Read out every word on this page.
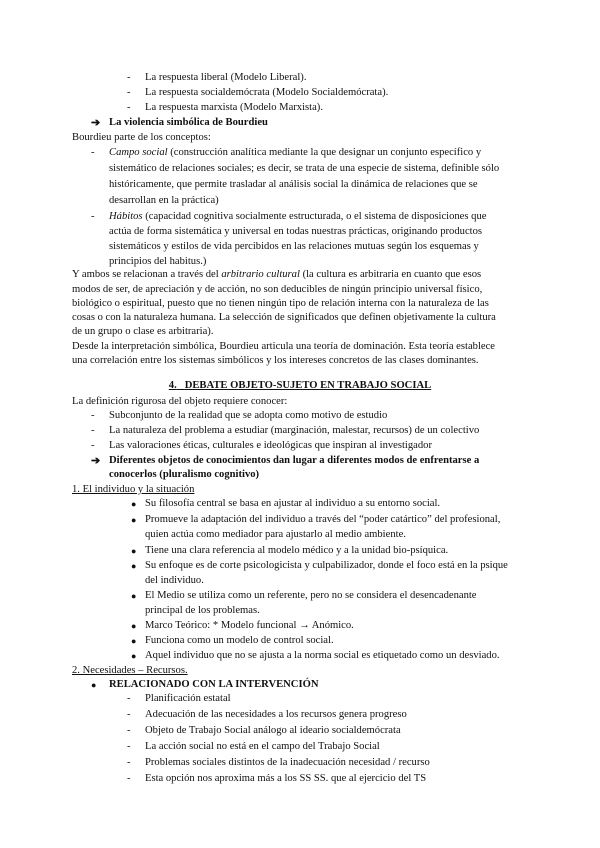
- La respuesta liberal (Modelo Liberal).
- La respuesta socialdemócrata (Modelo Socialdemócrata).
- La respuesta marxista (Modelo Marxista).
➔ La violencia simbólica de Bourdieu
Bourdieu parte de los conceptos:
- Campo social (construcción analítica mediante la que designar un conjunto específico y
sistemático de relaciones sociales; es decir, se trata de una especie de sistema, definible sólo
históricamente, que permite trasladar al análisis social la dinámica de relaciones que se
desarrollan en la práctica)
- Hábitos (capacidad cognitiva socialmente estructurada, o el sistema de disposiciones que
actúa de forma sistemática y universal en todas nuestras prácticas, originando productos
sistemáticos y estilos de vida percibidos en las relaciones mutuas según los esquemas y
principios del habitus.)
Y ambos se relacionan a través del arbitrario cultural (la cultura es arbitraria en cuanto que esos
modos de ser, de apreciación y de acción, no son deducibles de ningún principio universal físico,
biológico o espiritual, puesto que no tienen ningún tipo de relación interna con la naturaleza de las
cosas o con la naturaleza humana. La selección de significados que definen objetivamente la cultura
de un grupo o clase es arbitraria).
Desde la interpretación simbólica, Bourdieu articula una teoría de dominación. Esta teoría establece
una correlación entre los sistemas simbólicos y los intereses concretos de las clases dominantes.
4. DEBATE OBJETO-SUJETO EN TRABAJO SOCIAL
La definición rigurosa del objeto requiere conocer:
- Subconjunto de la realidad que se adopta como motivo de estudio
- La naturaleza del problema a estudiar (marginación, malestar, recursos) de un colectivo
- Las valoraciones éticas, culturales e ideológicas que inspiran al investigador
➔ Diferentes objetos de conocimientos dan lugar a diferentes modos de enfrentarse a
conocerlos (pluralismo cognitivo)
1. El individuo y la situación
● Su filosofía central se basa en ajustar al individuo a su entorno social.
● Promueve la adaptación del individuo a través del “poder catártico” del profesional,
quien actúa como mediador para ajustarlo al medio ambiente.
● Tiene una clara referencia al modelo médico y a la unidad bio-psíquica.
● Su enfoque es de corte psicologicista y culpabilizador, donde el foco está en la psique
del individuo.
● El Medio se utiliza como un referente, pero no se considera el desencadenante
principal de los problemas.
● Marco Teórico: * Modelo funcional → Anómico.
● Funciona como un modelo de control social.
● Aquel individuo que no se ajusta a la norma social es etiquetado como un desviado.
2. Necesidades – Recursos.
● RELACIONADO CON LA INTERVENCIÓN
- Planificación estatal
- Adecuación de las necesidades a los recursos genera progreso
- Objeto de Trabajo Social análogo al ideario socialdemócrata
- La acción social no está en el campo del Trabajo Social
- Problemas sociales distintos de la inadecuación necesidad / recurso
- Esta opción nos aproxima más a los SS SS. que al ejercicio del TS
